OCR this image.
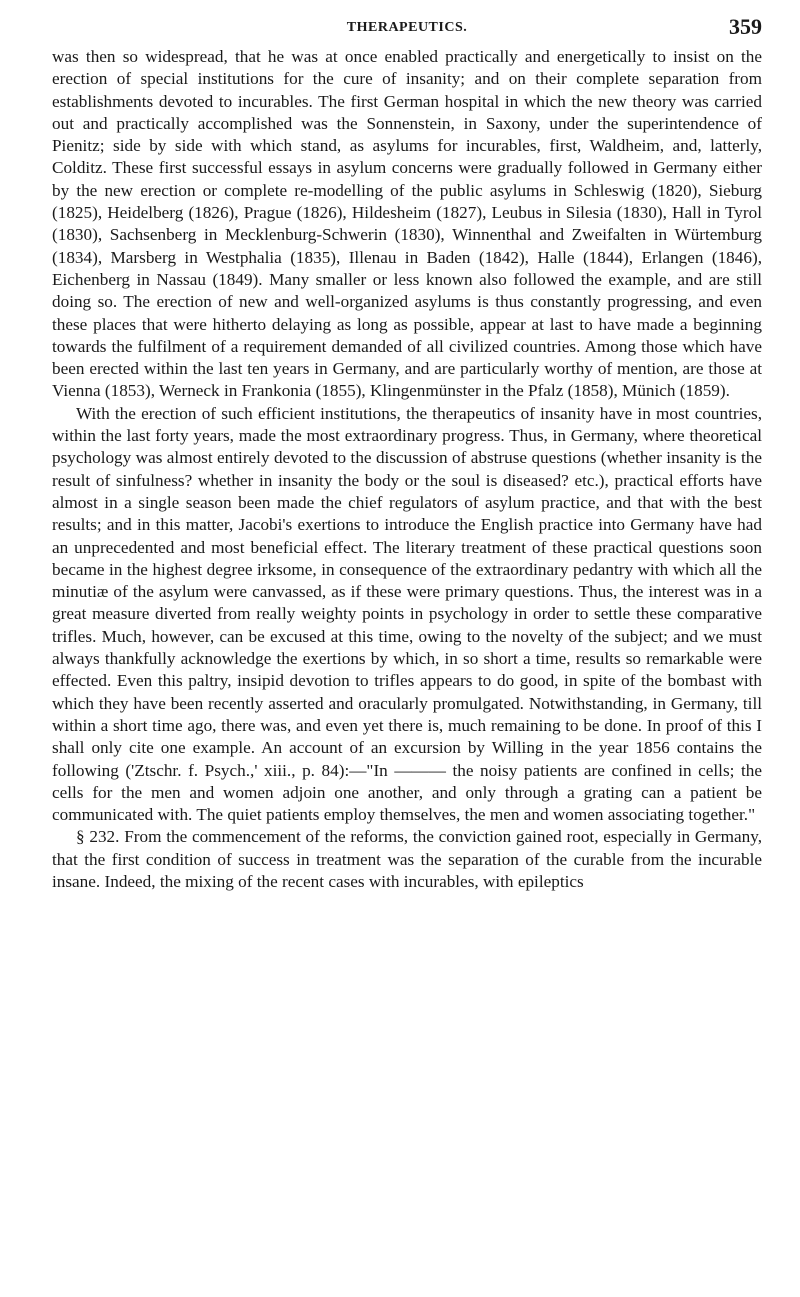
THERAPEUTICS.	359

was then so widespread, that he was at once enabled practically and energetically to insist on the erection of special institutions for the cure of insanity; and on their complete separation from establishments devoted to incurables. The first German hospital in which the new theory was carried out and practically accomplished was the Sonnenstein, in Saxony, under the superintendence of Pienitz; side by side with which stand, as asylums for incurables, first, Waldheim, and, latterly, Colditz. These first successful essays in asylum concerns were gradually followed in Germany either by the new erection or complete re-modelling of the public asylums in Schleswig (1820), Sieburg (1825), Heidelberg (1826), Prague (1826), Hildesheim (1827), Leubus in Silesia (1830), Hall in Tyrol (1830), Sachsenberg in Mecklenburg-Schwerin (1830), Winnenthal and Zweifalten in Würtemburg (1834), Marsberg in Westphalia (1835), Illenau in Baden (1842), Halle (1844), Erlangen (1846), Eichenberg in Nassau (1849). Many smaller or less known also followed the example, and are still doing so. The erection of new and well-organized asylums is thus constantly progressing, and even these places that were hitherto delaying as long as possible, appear at last to have made a beginning towards the fulfilment of a requirement demanded of all civilized countries. Among those which have been erected within the last ten years in Germany, and are particularly worthy of mention, are those at Vienna (1853), Werneck in Frankonia (1855), Klingenmünster in the Pfalz (1858), Münich (1859).

With the erection of such efficient institutions, the therapeutics of insanity have in most countries, within the last forty years, made the most extraordinary progress. Thus, in Germany, where theoretical psychology was almost entirely devoted to the discussion of abstruse questions (whether insanity is the result of sinfulness? whether in insanity the body or the soul is diseased? etc.), practical efforts have almost in a single season been made the chief regulators of asylum practice, and that with the best results; and in this matter, Jacobi's exertions to introduce the English practice into Germany have had an unprecedented and most beneficial effect. The literary treatment of these practical questions soon became in the highest degree irksome, in consequence of the extraordinary pedantry with which all the minutiæ of the asylum were canvassed, as if these were primary questions. Thus, the interest was in a great measure diverted from really weighty points in psychology in order to settle these comparative trifles. Much, however, can be excused at this time, owing to the novelty of the subject; and we must always thankfully acknowledge the exertions by which, in so short a time, results so remarkable were effected. Even this paltry, insipid devotion to trifles appears to do good, in spite of the bombast with which they have been recently asserted and oracularly promulgated. Notwithstanding, in Germany, till within a short time ago, there was, and even yet there is, much remaining to be done. In proof of this I shall only cite one example. An account of an excursion by Willing in the year 1856 contains the following ('Ztschr. f. Psych.,' xiii., p. 84):—"In ——— the noisy patients are confined in cells; the cells for the men and women adjoin one another, and only through a grating can a patient be communicated with. The quiet patients employ themselves, the men and women associating together."

§ 232. From the commencement of the reforms, the conviction gained root, especially in Germany, that the first condition of success in treatment was the separation of the curable from the incurable insane. Indeed, the mixing of the recent cases with incurables, with epileptics
